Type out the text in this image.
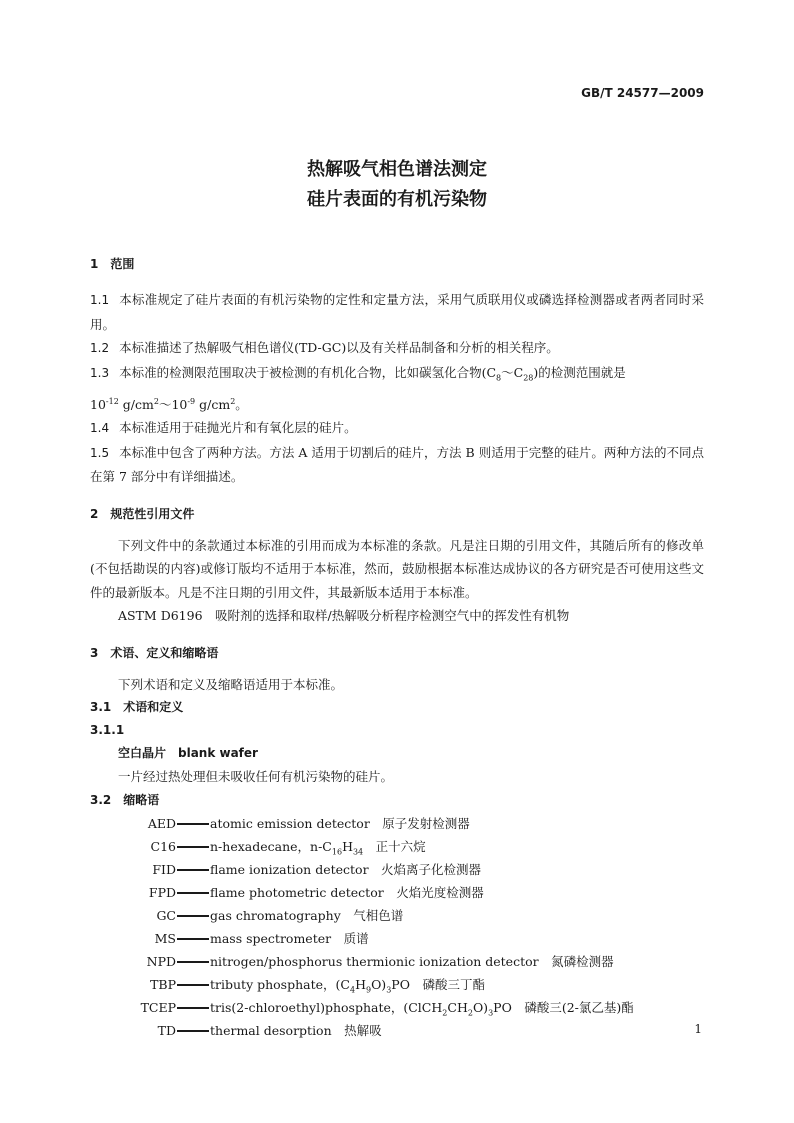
GB/T 24577—2009
热解吸气相色谱法测定
硅片表面的有机污染物
1　范围

1.1 本标准规定了硅片表面的有机污染物的定性和定量方法，采用气质联用仪或磷选择检测器或者两者同时采用。

1.2 本标准描述了热解吸气相色谱仪(TD-GC)以及有关样品制备和分析的相关程序。

1.3 本标准的检测限范围取决于被检测的有机化合物，比如碳氢化合物$(C_8\sim C_{28})$的检测范围就是
$10^{-12}$ $g/cm^2\sim 10^{-9}$ $g/cm^2$。

1.4 本标准适用于硅抛光片和有氧化层的硅片。

1.5 本标准中包含了两种方法。方法 A 适用于切割后的硅片，方法 B 则适用于完整的硅片。两种方法的不同点在第 7 部分中有详细描述。

2　规范性引用文件

下列文件中的条款通过本标准的引用而成为本标准的条款。凡是注日期的引用文件，其随后所有的修改单(不包括勘误的内容)或修订版均不适用于本标准，然而，鼓励根据本标准达成协议的各方研究是否可使用这些文件的最新版本。凡是不注日期的引用文件，其最新版本适用于本标准。

ASTM D6196　吸附剂的选择和取样/热解吸分析程序检测空气中的挥发性有机物

3　术语、定义和缩略语

下列术语和定义及缩略语适用于本标准。

3.1　术语和定义
3.1.1
空白晶片　blank wafer

一片经过热处理但未吸收任何有机污染物的硅片。

3.2　缩略语
AED	atomic emission detector　原子发射检测器
C16	n-hexadecane，$n-C_{16}H_{34}$　正十六烷
FID	flame ionization detector　火焰离子化检测器
FPD	flame photometric detector　火焰光度检测器
GC	gas chromatography　气相色谱
MS	mass spectrometer　质谱
NPD	nitrogen/phosphorus thermionic ionization detector　氮磷检测器
TBP	tributy phosphate，$(C_4H_9O)_3PO$　磷酸三丁酯
TCEP	tris(2-chloroethyl)phosphate，$(ClCH_2CH_2O)_3PO$　磷酸三(2-氯乙基)酯
TD	thermal desorption　热解吸	1
